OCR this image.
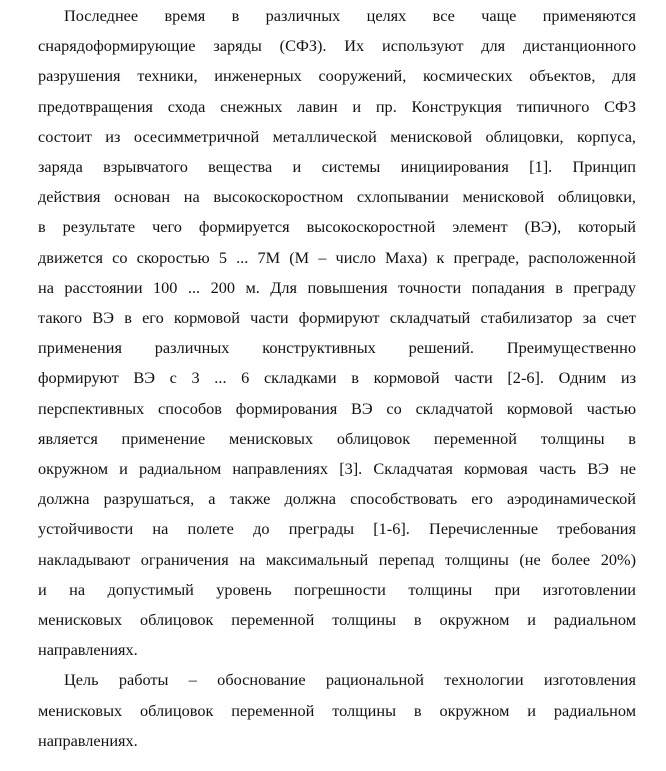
Последнее время в различных целях все чаще применяются
снарядоформирующие заряды (СФЗ). Их используют для дистанционного
разрушения техники, инженерных сооружений, космических объектов, для
предотвращения схода снежных лавин и пр. Конструкция типичного СФЗ
состоит из осесимметричной металлической менисковой облицовки, корпуса,
заряда взрывчатого вещества и системы инициирования [1]. Принцип
действия основан на высокоскоростном схлопывании менисковой облицовки,
в результате чего формируется высокоскоростной элемент (ВЭ), который
движется со скоростью 5 ... 7М (М – число Маха) к преграде, расположенной
на расстоянии 100 ... 200 м. Для повышения точности попадания в преграду
такого ВЭ в его кормовой части формируют складчатый стабилизатор за счет
применения различных конструктивных решений. Преимущественно
формируют ВЭ с 3 ... 6 складками в кормовой части [2-6]. Одним из
перспективных способов формирования ВЭ со складчатой кормовой частью
является применение менисковых облицовок переменной толщины в
окружном и радиальном направлениях [3]. Складчатая кормовая часть ВЭ не
должна разрушаться, а также должна способствовать его аэродинамической
устойчивости на полете до преграды [1-6]. Перечисленные требования
накладывают ограничения на максимальный перепад толщины (не более 20%)
и на допустимый уровень погрешности толщины при изготовлении
менисковых облицовок переменной толщины в окружном и радиальном
направлениях.
Цель работы – обоснование рациональной технологии изготовления
менисковых облицовок переменной толщины в окружном и радиальном
направлениях.
